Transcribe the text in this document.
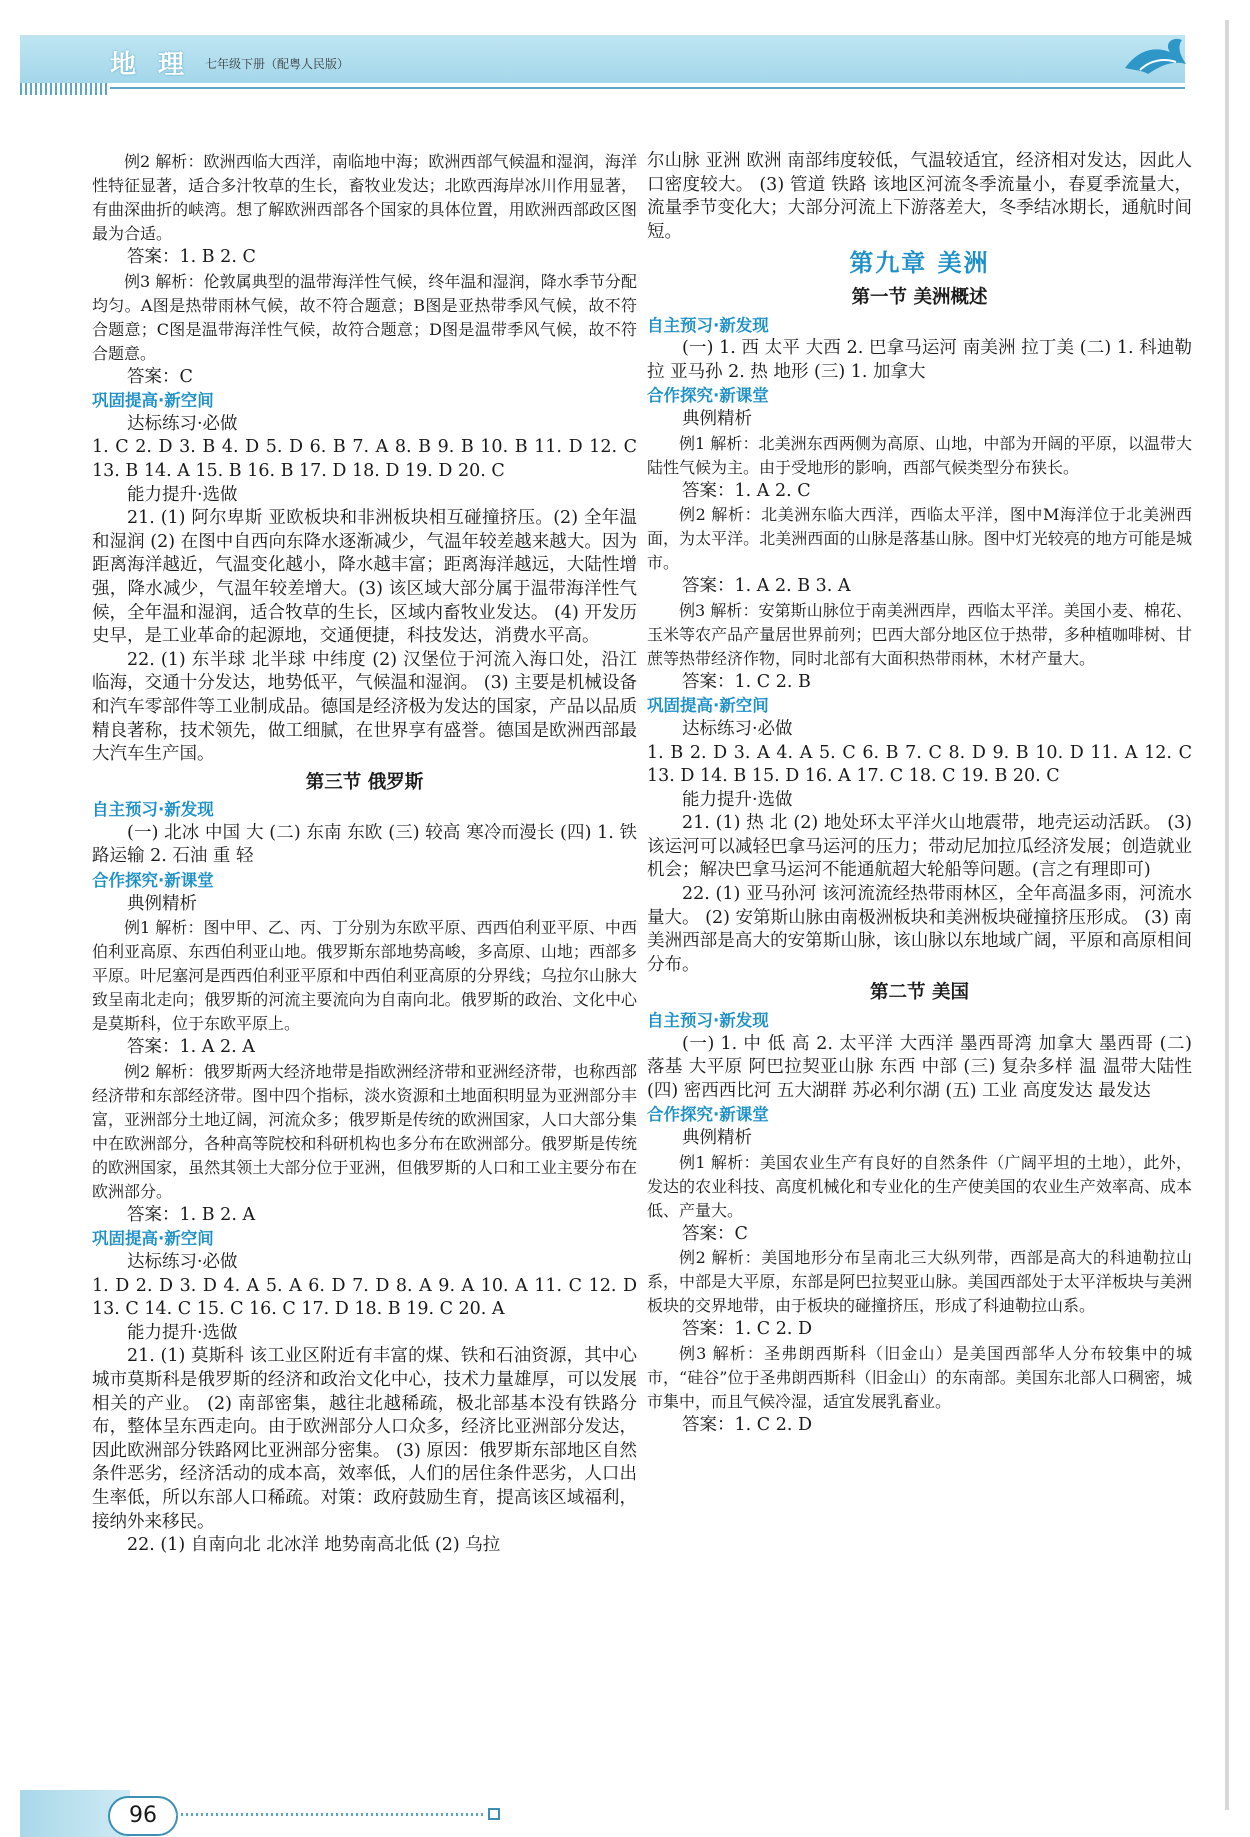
地理
七年级下册（配粤人民版）

例2 解析：欧洲西临大西洋，南临地中海；欧洲西部气候温和湿润，海洋性特征显著，适合多汁牧草的生长，畜牧业发达；北欧西海岸冰川作用显著，有曲深曲折的峡湾。想了解欧洲西部各个国家的具体位置，用欧洲西部政区图最为合适。

答案：1. B 2. C

例3 解析：伦敦属典型的温带海洋性气候，终年温和湿润，降水季节分配均匀。A图是热带雨林气候，故不符合题意；B图是亚热带季风气候，故不符合题意；C图是温带海洋性气候，故符合题意；D图是温带季风气候，故不符合题意。

答案：C

巩固提高·新空间

达标练习·必做

1. C 2. D 3. B 4. D 5. D 6. B 7. A 8. B 9. B 10. B 11. D 12. C 13. B 14. A 15. B 16. B 17. D 18. D 19. D 20. C

能力提升·选做

21. (1) 阿尔卑斯 亚欧板块和非洲板块相互碰撞挤压。(2) 全年温和湿润 (2) 在图中自西向东降水逐渐减少，气温年较差越来越大。因为距离海洋越近，气温变化越小，降水越丰富；距离海洋越远，大陆性增强，降水减少，气温年较差增大。(3) 该区域大部分属于温带海洋性气候，全年温和湿润，适合牧草的生长，区域内畜牧业发达。 (4) 开发历史早，是工业革命的起源地，交通便捷，科技发达，消费水平高。

22. (1) 东半球 北半球 中纬度 (2) 汉堡位于河流入海口处，沿江临海，交通十分发达，地势低平，气候温和湿润。 (3) 主要是机械设备和汽车零部件等工业制成品。德国是经济极为发达的国家，产品以品质精良著称，技术领先，做工细腻，在世界享有盛誉。德国是欧洲西部最大汽车生产国。

第三节 俄罗斯

自主预习·新发现

(一) 北冰 中国 大 (二) 东南 东欧 (三) 较高 寒冷而漫长 (四) 1. 铁路运输 2. 石油 重 轻

合作探究·新课堂

典例精析

例1 解析：图中甲、乙、丙、丁分别为东欧平原、西西伯利亚平原、中西伯利亚高原、东西伯利亚山地。俄罗斯东部地势高峻，多高原、山地；西部多平原。叶尼塞河是西西伯利亚平原和中西伯利亚高原的分界线；乌拉尔山脉大致呈南北走向；俄罗斯的河流主要流向为自南向北。俄罗斯的政治、文化中心是莫斯科，位于东欧平原上。

答案：1. A 2. A

例2 解析：俄罗斯两大经济地带是指欧洲经济带和亚洲经济带，也称西部经济带和东部经济带。图中四个指标，淡水资源和土地面积明显为亚洲部分丰富，亚洲部分土地辽阔，河流众多；俄罗斯是传统的欧洲国家，人口大部分集中在欧洲部分，各种高等院校和科研机构也多分布在欧洲部分。俄罗斯是传统的欧洲国家，虽然其领土大部分位于亚洲，但俄罗斯的人口和工业主要分布在欧洲部分。

答案：1. B 2. A

巩固提高·新空间

达标练习·必做

1. D 2. D 3. D 4. A 5. A 6. D 7. D 8. A 9. A 10. A 11. C 12. D 13. C 14. C 15. C 16. C 17. D 18. B 19. C 20. A

能力提升·选做

21. (1) 莫斯科 该工业区附近有丰富的煤、铁和石油资源，其中心城市莫斯科是俄罗斯的经济和政治文化中心，技术力量雄厚，可以发展相关的产业。 (2) 南部密集，越往北越稀疏，极北部基本没有铁路分布，整体呈东西走向。由于欧洲部分人口众多，经济比亚洲部分发达，因此欧洲部分铁路网比亚洲部分密集。 (3) 原因：俄罗斯东部地区自然条件恶劣，经济活动的成本高，效率低，人们的居住条件恶劣，人口出生率低，所以东部人口稀疏。对策：政府鼓励生育，提高该区域福利，接纳外来移民。

22. (1) 自南向北 北冰洋 地势南高北低 (2) 乌拉

尔山脉 亚洲 欧洲 南部纬度较低，气温较适宜，经济相对发达，因此人口密度较大。 (3) 管道 铁路 该地区河流冬季流量小，春夏季流量大，流量季节变化大；大部分河流上下游落差大，冬季结冰期长，通航时间短。

第九章 美洲

第一节 美洲概述

自主预习·新发现

(一) 1. 西 太平 大西 2. 巴拿马运河 南美洲 拉丁美 (二) 1. 科迪勒拉 亚马孙 2. 热 地形 (三) 1. 加拿大

合作探究·新课堂

典例精析

例1 解析：北美洲东西两侧为高原、山地，中部为开阔的平原，以温带大陆性气候为主。由于受地形的影响，西部气候类型分布狭长。

答案：1. A 2. C

例2 解析：北美洲东临大西洋，西临太平洋，图中M海洋位于北美洲西面，为太平洋。北美洲西面的山脉是落基山脉。图中灯光较亮的地方可能是城市。

答案：1. A 2. B 3. A

例3 解析：安第斯山脉位于南美洲西岸，西临太平洋。美国小麦、棉花、玉米等农产品产量居世界前列；巴西大部分地区位于热带，多种植咖啡树、甘蔗等热带经济作物，同时北部有大面积热带雨林，木材产量大。

答案：1. C 2. B

巩固提高·新空间

达标练习·必做

1. B 2. D 3. A 4. A 5. C 6. B 7. C 8. D 9. B 10. D 11. A 12. C 13. D 14. B 15. D 16. A 17. C 18. C 19. B 20. C

能力提升·选做

21. (1) 热 北 (2) 地处环太平洋火山地震带，地壳运动活跃。 (3) 该运河可以减轻巴拿马运河的压力；带动尼加拉瓜经济发展；创造就业机会；解决巴拿马运河不能通航超大轮船等问题。(言之有理即可)

22. (1) 亚马孙河 该河流流经热带雨林区，全年高温多雨，河流水量大。 (2) 安第斯山脉由南极洲板块和美洲板块碰撞挤压形成。 (3) 南美洲西部是高大的安第斯山脉，该山脉以东地域广阔，平原和高原相间分布。

第二节 美国

自主预习·新发现

(一) 1. 中 低 高 2. 太平洋 大西洋 墨西哥湾 加拿大 墨西哥 (二) 落基 大平原 阿巴拉契亚山脉 东西 中部 (三) 复杂多样 温 温带大陆性 (四) 密西西比河 五大湖群 苏必利尔湖 (五) 工业 高度发达 最发达

合作探究·新课堂

典例精析

例1 解析：美国农业生产有良好的自然条件（广阔平坦的土地），此外，发达的农业科技、高度机械化和专业化的生产使美国的农业生产效率高、成本低、产量大。

答案：C

例2 解析：美国地形分布呈南北三大纵列带，西部是高大的科迪勒拉山系，中部是大平原，东部是阿巴拉契亚山脉。美国西部处于太平洋板块与美洲板块的交界地带，由于板块的碰撞挤压，形成了科迪勒拉山系。

答案：1. C 2. D

例3 解析：圣弗朗西斯科（旧金山）是美国西部华人分布较集中的城市，“硅谷”位于圣弗朗西斯科（旧金山）的东南部。美国东北部人口稠密，城市集中，而且气候冷湿，适宜发展乳畜业。

答案：1. C 2. D

96
